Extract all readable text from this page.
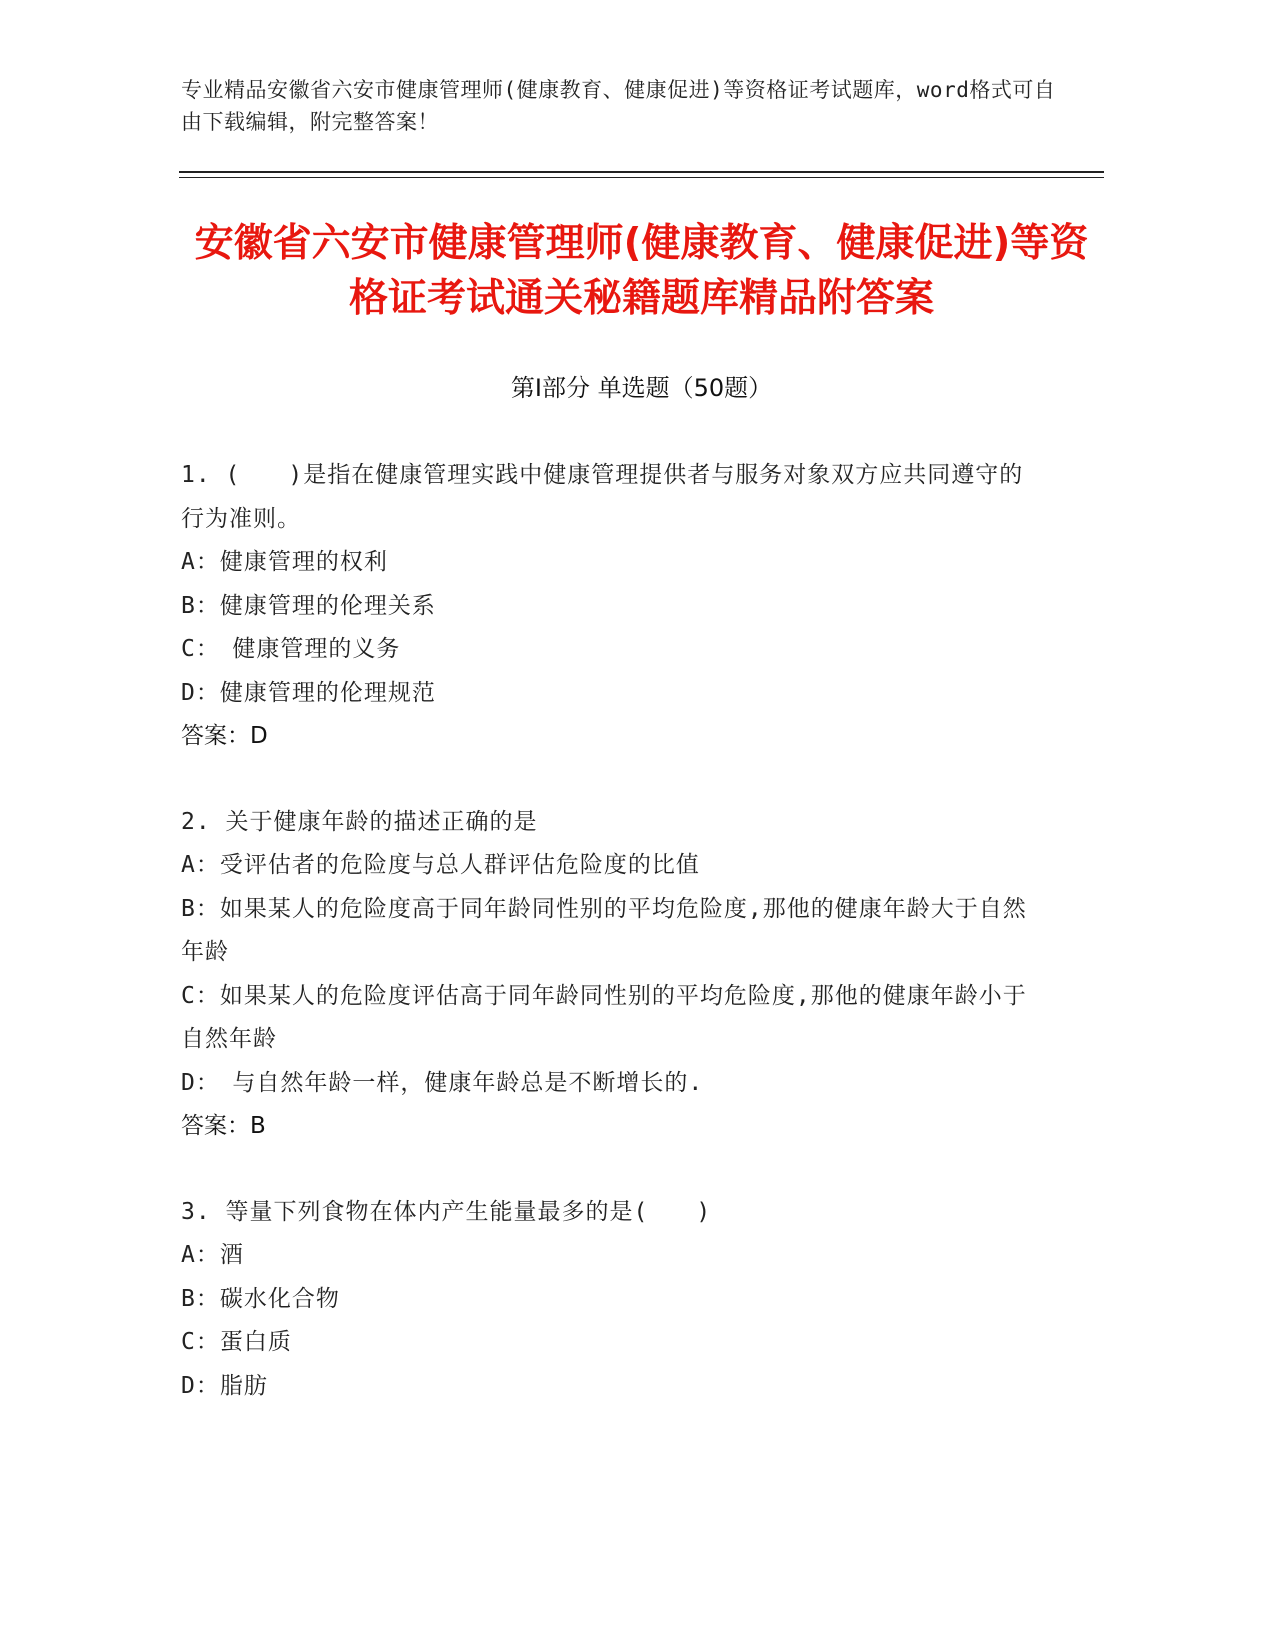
专业精品安徽省六安市健康管理师(健康教育、健康促进)等资格证考试题库，word格式可自由下载编辑，附完整答案！
安徽省六安市健康管理师(健康教育、健康促进)等资格证考试通关秘籍题库精品附答案
第Ⅰ部分 单选题（50题）
1. (　　)是指在健康管理实践中健康管理提供者与服务对象双方应共同遵守的行为准则。
A：健康管理的权利
B：健康管理的伦理关系
C：　健康管理的义务
D：健康管理的伦理规范
答案：D
2. 关于健康年龄的描述正确的是
A：受评估者的危险度与总人群评估危险度的比值
B：如果某人的危险度高于同年龄同性别的平均危险度,那他的健康年龄大于自然年龄
C：如果某人的危险度评估高于同年龄同性别的平均危险度,那他的健康年龄小于自然年龄
D：　与自然年龄一样，健康年龄总是不断增长的.
答案：B
3. 等量下列食物在体内产生能量最多的是(　　)
A：酒
B：碳水化合物
C：蛋白质
D：脂肪
